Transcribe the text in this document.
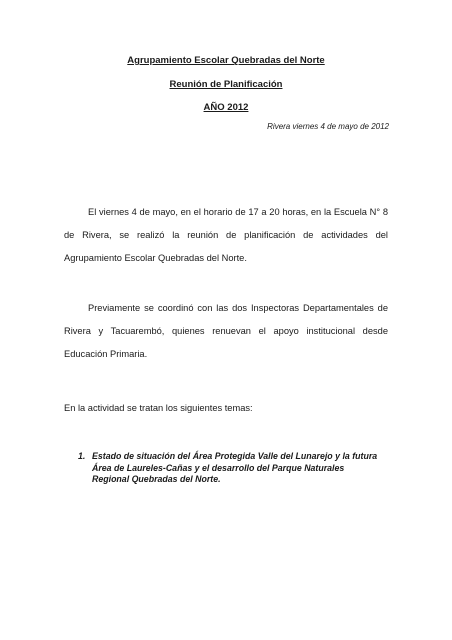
Agrupamiento Escolar Quebradas del Norte
Reunión de Planificación
AÑO 2012
Rivera viernes 4 de mayo de 2012
El viernes 4 de mayo, en el horario de 17 a 20 horas, en la Escuela N° 8 de Rivera, se realizó la reunión de planificación de actividades del Agrupamiento Escolar Quebradas del Norte.
Previamente se coordinó con las dos Inspectoras Departamentales de Rivera y Tacuarembó, quienes renuevan el apoyo institucional desde Educación Primaria.
En la actividad se tratan los siguientes temas:
1. Estado de situación del Área Protegida Valle del Lunarejo y la futura Área de Laureles-Cañas y el desarrollo del Parque Naturales Regional Quebradas del Norte.
